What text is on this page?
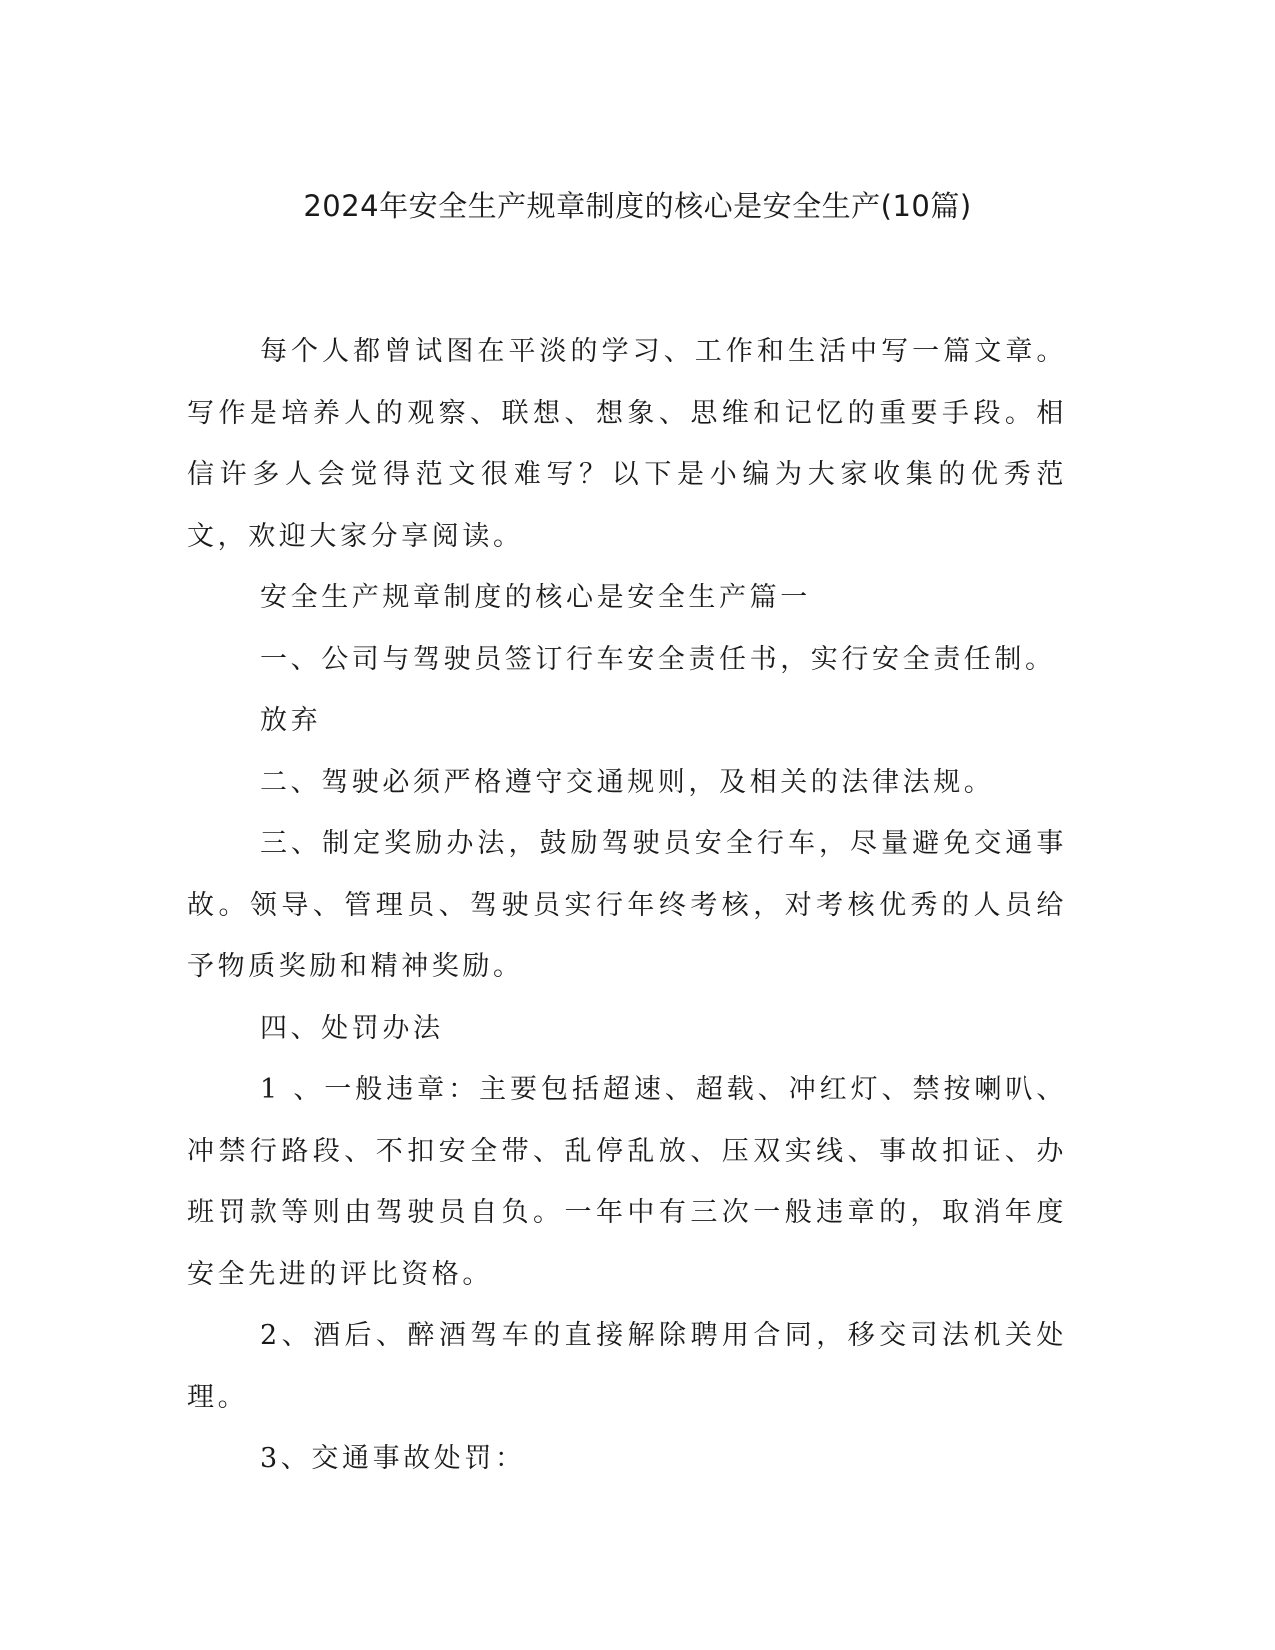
2024年安全生产规章制度的核心是安全生产(10篇)

每个人都曾试图在平淡的学习、工作和生活中写一篇文章。写作是培养人的观察、联想、想象、思维和记忆的重要手段。相信许多人会觉得范文很难写？以下是小编为大家收集的优秀范文，欢迎大家分享阅读。

安全生产规章制度的核心是安全生产篇一

一、公司与驾驶员签订行车安全责任书，实行安全责任制。

放弃

二、驾驶必须严格遵守交通规则，及相关的法律法规。

三、制定奖励办法，鼓励驾驶员安全行车，尽量避免交通事故。领导、管理员、驾驶员实行年终考核，对考核优秀的人员给予物质奖励和精神奖励。

四、处罚办法

1 、一般违章：主要包括超速、超载、冲红灯、禁按喇叭、冲禁行路段、不扣安全带、乱停乱放、压双实线、事故扣证、办班罚款等则由驾驶员自负。一年中有三次一般违章的，取消年度安全先进的评比资格。

2、酒后、醉酒驾车的直接解除聘用合同，移交司法机关处理。

3、交通事故处罚：
